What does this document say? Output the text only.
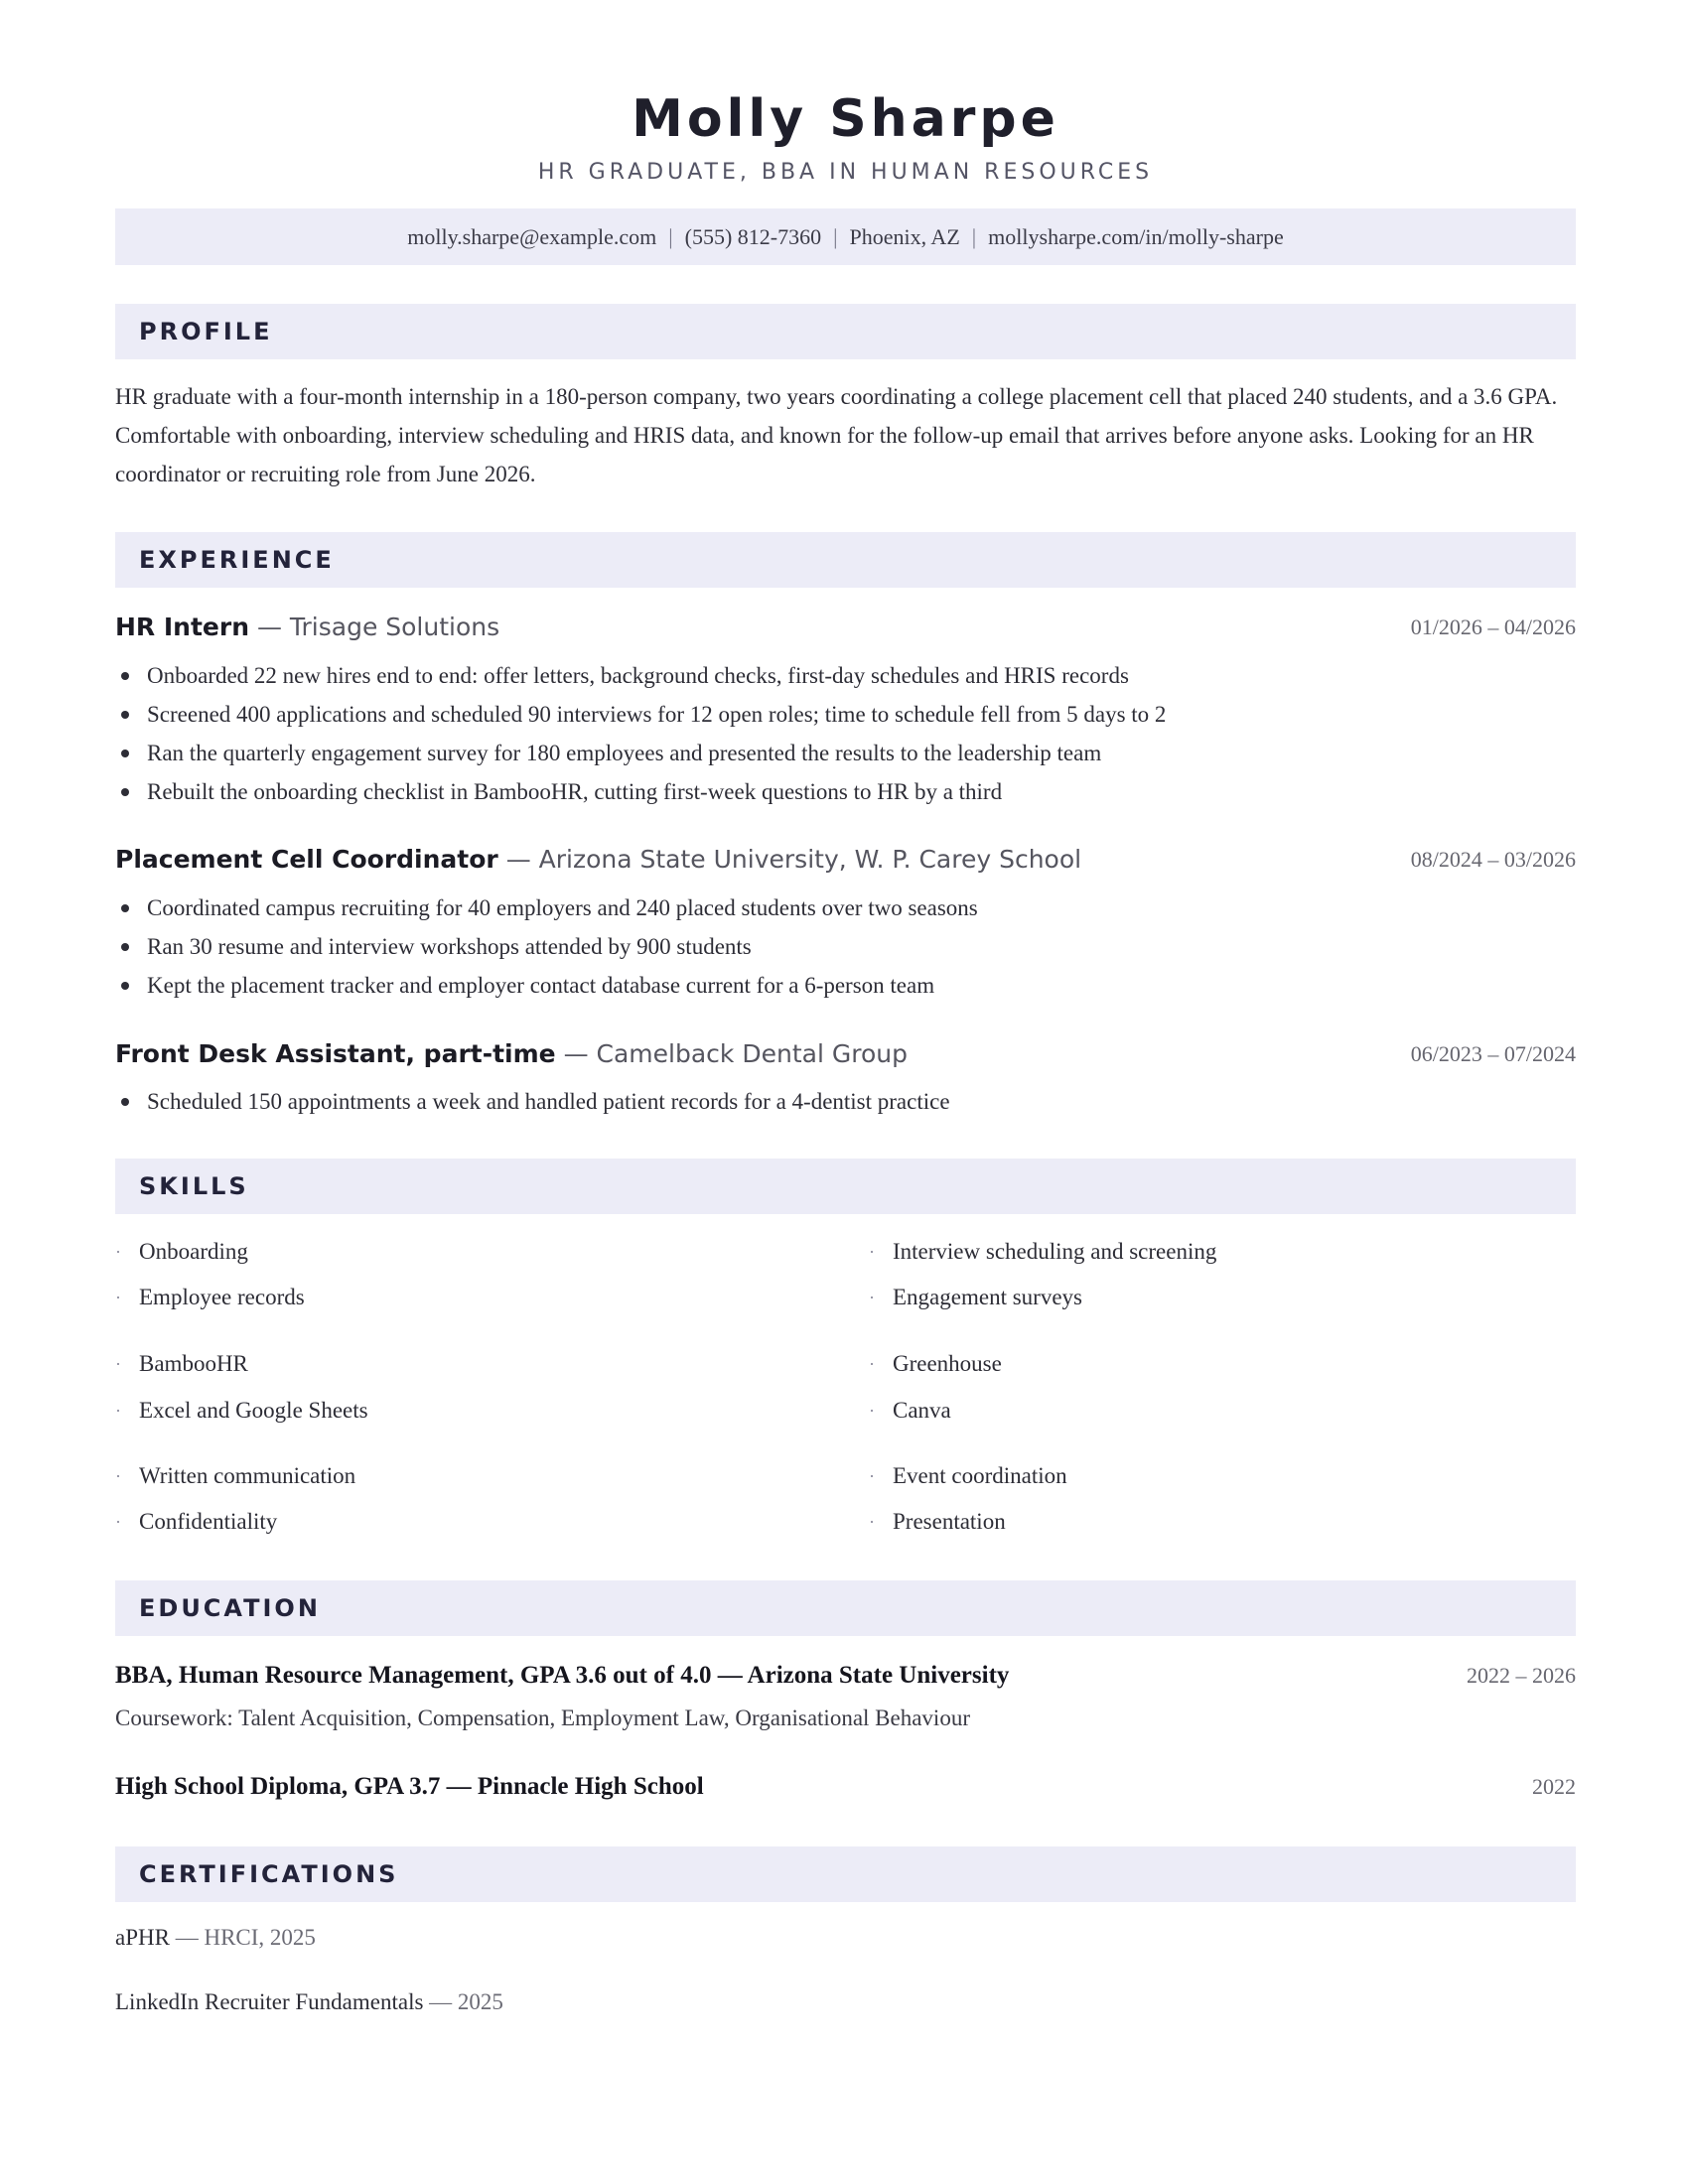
Molly Sharpe
HR GRADUATE, BBA IN HUMAN RESOURCES
molly.sharpe@example.com | (555) 812-7360 | Phoenix, AZ | mollysharpe.com/in/molly-sharpe
PROFILE
HR graduate with a four-month internship in a 180-person company, two years coordinating a college placement cell that placed 240 students, and a 3.6 GPA. Comfortable with onboarding, interview scheduling and HRIS data, and known for the follow-up email that arrives before anyone asks. Looking for an HR coordinator or recruiting role from June 2026.
EXPERIENCE
HR Intern — Trisage Solutions	01/2026 – 04/2026
Onboarded 22 new hires end to end: offer letters, background checks, first-day schedules and HRIS records
Screened 400 applications and scheduled 90 interviews for 12 open roles; time to schedule fell from 5 days to 2
Ran the quarterly engagement survey for 180 employees and presented the results to the leadership team
Rebuilt the onboarding checklist in BambooHR, cutting first-week questions to HR by a third
Placement Cell Coordinator — Arizona State University, W. P. Carey School	08/2024 – 03/2026
Coordinated campus recruiting for 40 employers and 240 placed students over two seasons
Ran 30 resume and interview workshops attended by 900 students
Kept the placement tracker and employer contact database current for a 6-person team
Front Desk Assistant, part-time — Camelback Dental Group	06/2023 – 07/2024
Scheduled 150 appointments a week and handled patient records for a 4-dentist practice
SKILLS
· Onboarding	· Interview scheduling and screening
· Employee records	· Engagement surveys
· BambooHR	· Greenhouse
· Excel and Google Sheets	· Canva
· Written communication	· Event coordination
· Confidentiality	· Presentation
EDUCATION
BBA, Human Resource Management, GPA 3.6 out of 4.0 — Arizona State University	2022 – 2026
Coursework: Talent Acquisition, Compensation, Employment Law, Organisational Behaviour
High School Diploma, GPA 3.7 — Pinnacle High School	2022
CERTIFICATIONS
aPHR — HRCI, 2025
LinkedIn Recruiter Fundamentals — 2025
